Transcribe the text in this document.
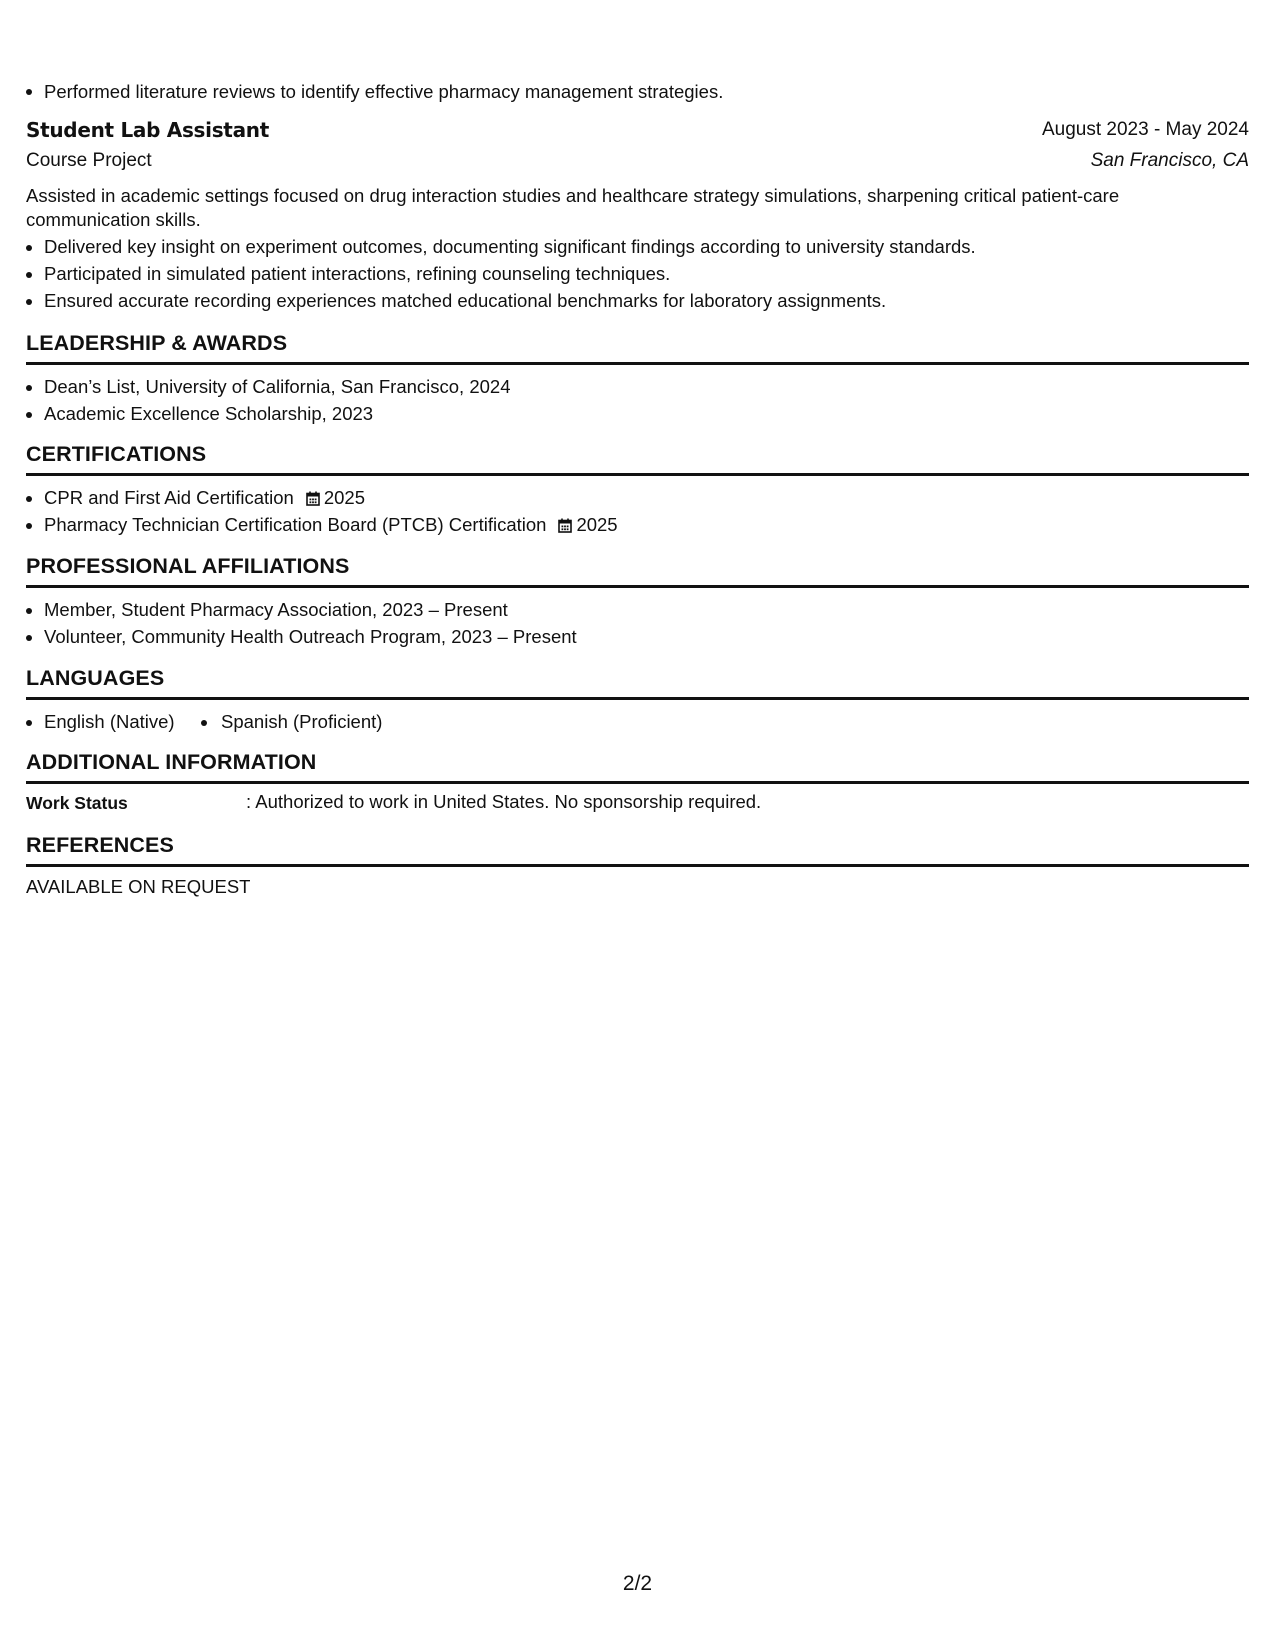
Performed literature reviews to identify effective pharmacy management strategies.
Student Lab Assistant	August 2023 - May 2024
Course Project	San Francisco, CA
Assisted in academic settings focused on drug interaction studies and healthcare strategy simulations, sharpening critical patient-care communication skills.
Delivered key insight on experiment outcomes, documenting significant findings according to university standards.
Participated in simulated patient interactions, refining counseling techniques.
Ensured accurate recording experiences matched educational benchmarks for laboratory assignments.
LEADERSHIP & AWARDS
Dean’s List, University of California, San Francisco, 2024
Academic Excellence Scholarship, 2023
CERTIFICATIONS
CPR and First Aid Certification 2025
Pharmacy Technician Certification Board (PTCB) Certification 2025
PROFESSIONAL AFFILIATIONS
Member, Student Pharmacy Association, 2023 – Present
Volunteer, Community Health Outreach Program, 2023 – Present
LANGUAGES
English (Native)	Spanish (Proficient)
ADDITIONAL INFORMATION
Work Status	: Authorized to work in United States. No sponsorship required.
REFERENCES
AVAILABLE ON REQUEST
2/2
